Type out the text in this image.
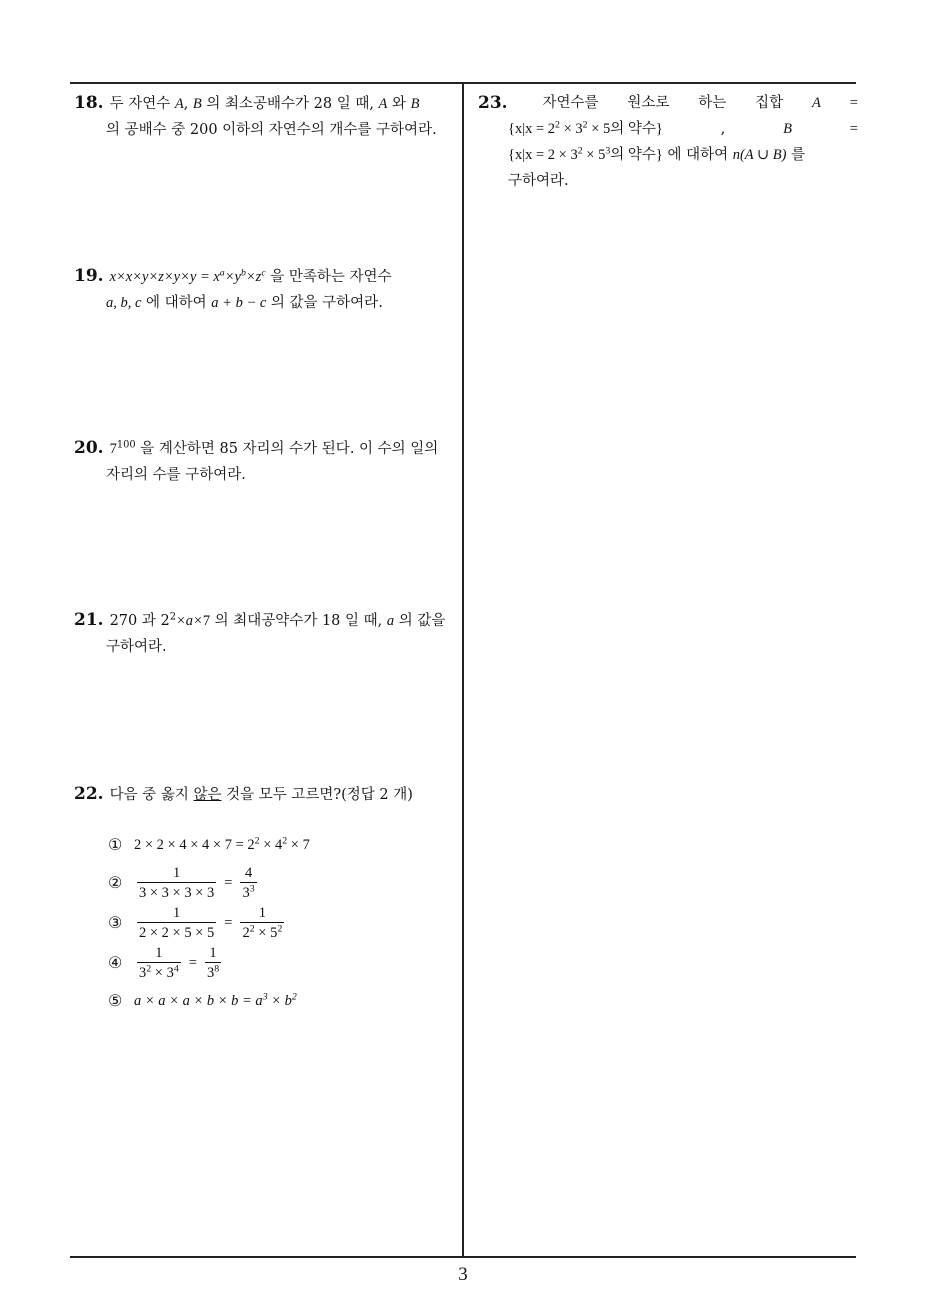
18. 두 자연수 A, B 의 최소공배수가 28 일 때, A 와 B
의 공배수 중 200 이하의 자연수의 개수를 구하여라.
19. $x\times x\times y\times z\times y\times y = x^a\times y^b\times z^c$ 을 만족하는 자연수
a, b, c 에 대하여 a + b − c 의 값을 구하여라.
20. $7^{100}$ 을 계산하면 85 자리의 수가 된다. 이 수의 일의
자리의 수를 구하여라.
21. 270 과 $2^2\times a\times 7$ 의 최대공약수가 18 일 때, a 의 값을
구하여라.
22. 다음 중 옳지 않은 것을 모두 고르면?(정답 2 개)
① $2 \times 2 \times 4 \times 4 \times 7 = 2^2 \times 4^2 \times 7$
②	$\frac{1}{3 \times 3 \times 3 \times 3} = \frac{4}{3^3}$
③	$\frac{1}{2 \times 2 \times 5 \times 5} = \frac{1}{2^2 \times 5^2}$
④	$\frac{1}{3^2 \times 3^4} = \frac{1}{3^8}$
⑤ $a \times a \times a \times b \times b = a^3 \times b^2$
23. 자연수를 원소로 하는 집합 A =
{$x|x = 2^2 \times 3^2 \times 5$의 약수}	,	B	=
{$x|x = 2 \times 3^2 \times 5^3$의 약수} 에 대하여 n(A ∪ B) 를
구하여라.
3
